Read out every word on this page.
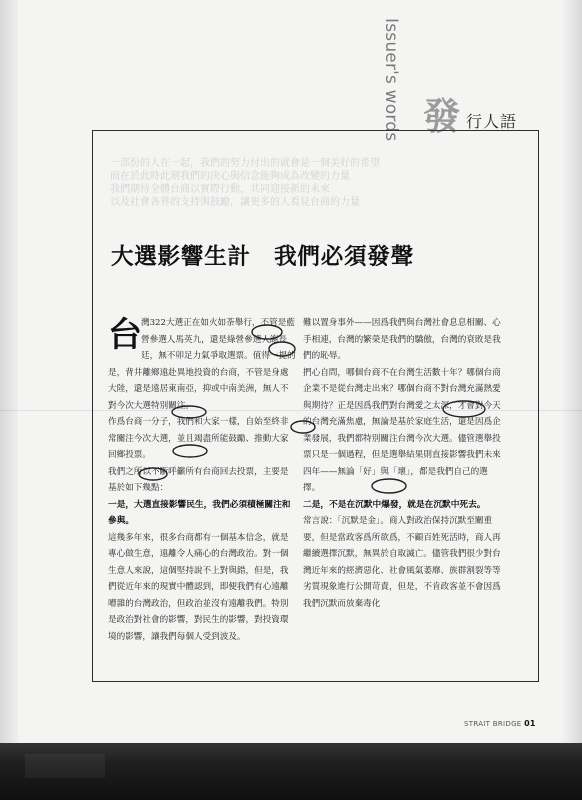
Issuer's words 發 行人語
一部份的人在一起，我們的努力付出的就會是一個美好的希望
而在於此時此刻我們的決心與信念能夠成為改變的力量
我們期待全體台商以實際行動，共同迎接新的未來
以及社會各界的支持與鼓勵，讓更多的人看見台商的力量
大選影響生計　我們必須發聲

台 灣322大選正在如火如荼舉行，不管是藍營參選人馬英九，還是綠營參選人謝長廷，無不卯足力氣爭取選票。值得一提的是，背井離鄉遠赴異地投資的台商，不管是身處大陸，還是遠居東南亞，抑或中南美洲，無人不對今次大選特別關注。

作爲台商一分子，我們和大家一樣，自始至終非常關注今次大選，並且竭盡所能鼓勵、推動大家回鄉投票。

我們之所以不斷呼籲所有台商回去投票，主要是基於如下幾點：

一是，大選直接影響民生，我們必須積極關注和參與。

這幾多年來，很多台商都有一個基本信念，就是專心做生意，遠離令人痛心的台灣政治。對一個生意人來說，這個堅持說不上對與錯，但是，我們從近年來的現實中體認到，即便我們有心遠離嘈雜的台灣政治，但政治並沒有遠離我們。特別是政治對社會的影響，對民生的影響，對投資環境的影響，讓我們每個人受到波及。

難以置身事外——因爲我們與台灣社會息息相關、心手相連，台灣的繁榮是我們的驕傲，台灣的衰敗是我們的恥辱。

捫心自問，哪個台商不在台灣生活數十年？哪個台商企業不是從台灣走出來？哪個台商不對台灣充滿熱愛與期待？正是因爲我們對台灣愛之太深，才會對今天的台灣充滿焦慮，無論是基於家庭生活，還是因爲企業發展，我們都特別關注台灣今次大選。儘管選舉投票只是一個過程，但是選舉結果則直接影響我們未來四年——無論「好」與「壞」，都是我們自己的選擇。

二是，不是在沉默中爆發，就是在沉默中死去。

常言說：「沉默是金」。商人對政治保持沉默至關重要，但是當政客爲所欲爲，不顧百姓死活時，商人再繼續選擇沉默，無異於自取滅亡。儘管我們很少對台灣近年來的經濟惡化、社會風氣萎靡、族群割裂等等劣質現象進行公開苛責，但是，不肯政客並不會因爲我們沉默而放棄毒化

STRAIT BRIDGE 01
